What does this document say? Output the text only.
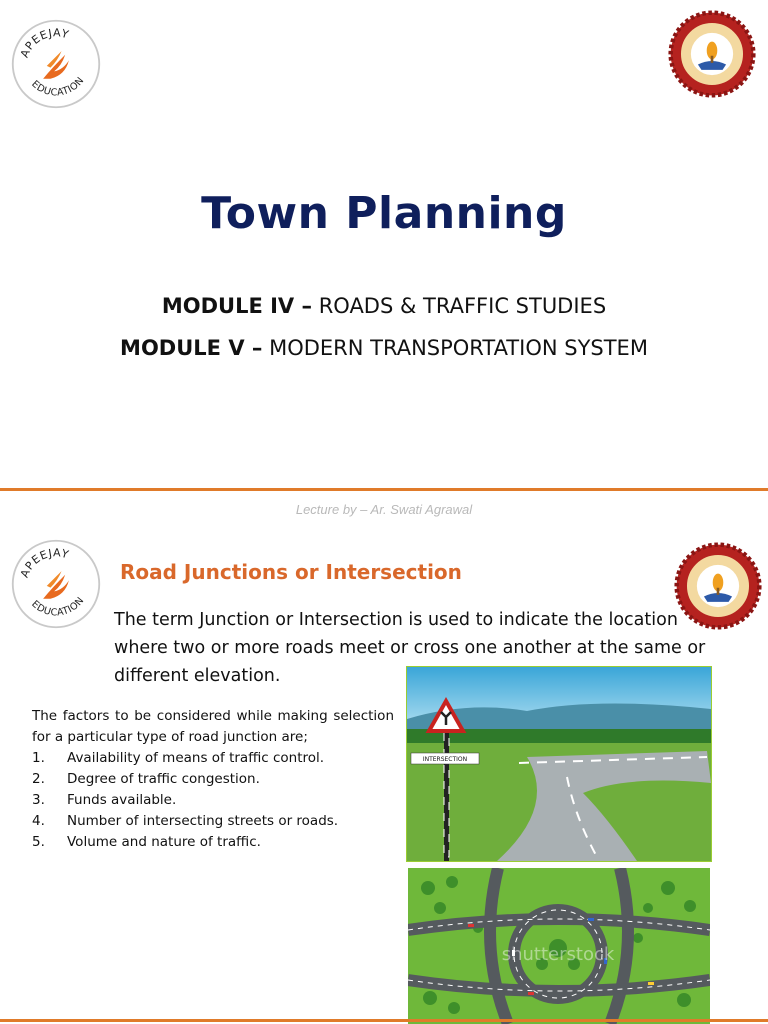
APEEJAY
EDUCATION
Town Planning
MODULE IV – ROADS & TRAFFIC STUDIES
MODULE V – MODERN TRANSPORTATION SYSTEM
Lecture by – Ar. Swati Agrawal
APEEJAY
EDUCATION
Road Junctions or Intersection
The term Junction or Intersection is used to indicate the location where two or more roads meet or cross one another at the same or different elevation.
The factors to be considered while making selection for a particular type of road junction are;
1. Availability of means of traffic control.
2. Degree of traffic congestion.
3. Funds available.
4. Number of intersecting streets or roads.
5. Volume and nature of traffic.
INTERSECTION
shutterstock
